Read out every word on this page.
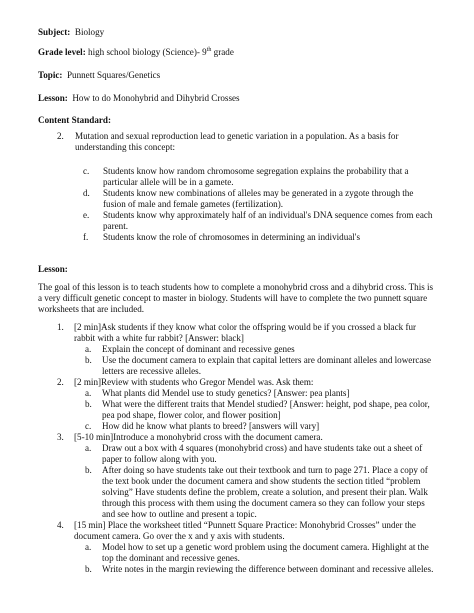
Subject: Biology

Grade level: high school biology (Science)- 9th grade

Topic: Punnett Squares/Genetics

Lesson: How to do Monohybrid and Dihybrid Crosses

Content Standard:

2.	Mutation and sexual reproduction lead to genetic variation in a population. As a basis for understanding this concept:
c.	Students know how random chromosome segregation explains the probability that a particular allele will be in a gamete.
d.	Students know new combinations of alleles may be generated in a zygote through the fusion of male and female gametes (fertilization).
e.	Students know why approximately half of an individual's DNA sequence comes from each parent.
f.	Students know the role of chromosomes in determining an individual's

Lesson:

The goal of this lesson is to teach students how to complete a monohybrid cross and a dihybrid cross. This is a very difficult genetic concept to master in biology. Students will have to complete the two punnett square worksheets that are included.

1.	[2 min]Ask students if they know what color the offspring would be if you crossed a black fur rabbit with a white fur rabbit? [Answer: black]
a.	Explain the concept of dominant and recessive genes
b.	Use the document camera to explain that capital letters are dominant alleles and lowercase letters are recessive alleles.
2.	[2 min]Review with students who Gregor Mendel was. Ask them:
a.	What plants did Mendel use to study genetics? [Answer: pea plants]
b.	What were the different traits that Mendel studied? [Answer: height, pod shape, pea color, pea pod shape, flower color, and flower position]
c.	How did he know what plants to breed? [answers will vary]
3.	[5-10 min]Introduce a monohybrid cross with the document camera.
a.	Draw out a box with 4 squares (monohybrid cross) and have students take out a sheet of paper to follow along with you.
b.	After doing so have students take out their textbook and turn to page 271. Place a copy of the text book under the document camera and show students the section titled “problem solving” Have students define the problem, create a solution, and present their plan. Walk through this process with them using the document camera so they can follow your steps and see how to outline and present a topic.
4.	[15 min] Place the worksheet titled “Punnett Square Practice: Monohybrid Crosses” under the document camera. Go over the x and y axis with students.
a.	Model how to set up a genetic word problem using the document camera. Highlight at the top the dominant and recessive genes.
b.	Write notes in the margin reviewing the difference between dominant and recessive alleles.
